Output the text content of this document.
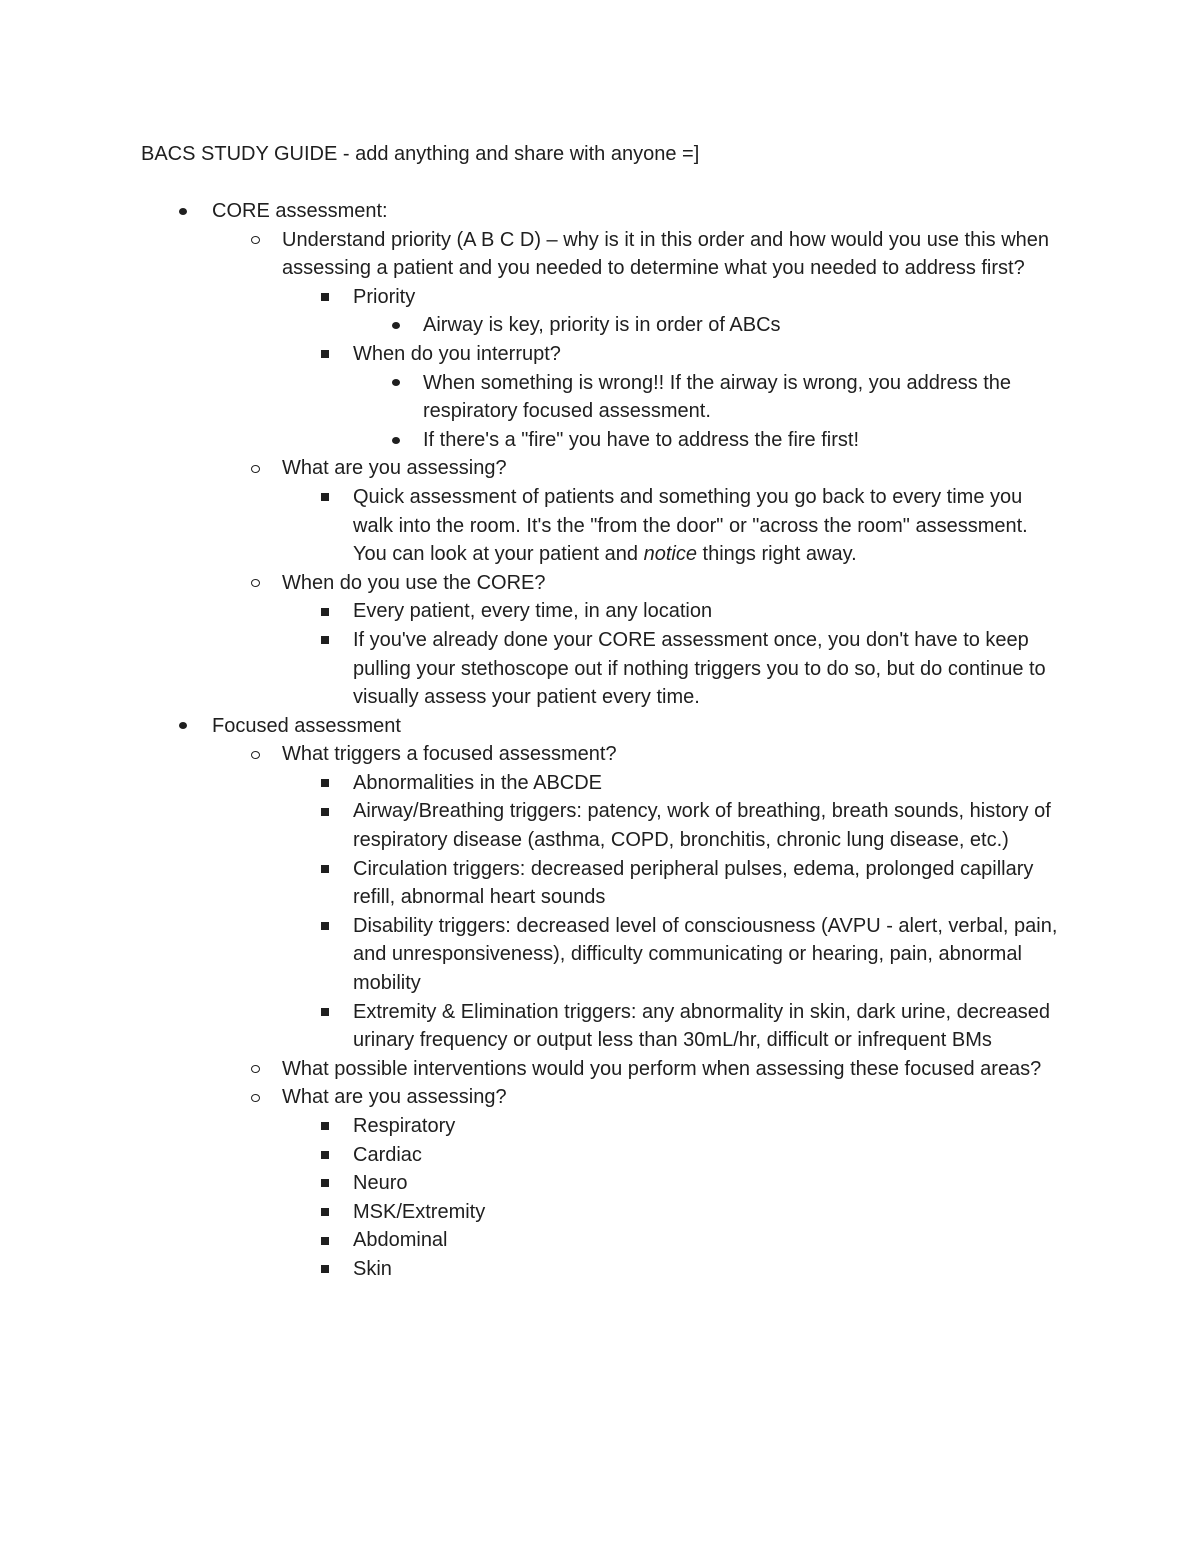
BACS STUDY GUIDE - add anything and share with anyone =]
CORE assessment:
Understand priority (A B C D) – why is it in this order and how would you use this when assessing a patient and you needed to determine what you needed to address first?
Priority
Airway is key, priority is in order of ABCs
When do you interrupt?
When something is wrong!! If the airway is wrong, you address the respiratory focused assessment.
If there's a "fire" you have to address the fire first!
What are you assessing?
Quick assessment of patients and something you go back to every time you walk into the room. It's the "from the door" or "across the room" assessment. You can look at your patient and notice things right away.
When do you use the CORE?
Every patient, every time, in any location
If you've already done your CORE assessment once, you don't have to keep pulling your stethoscope out if nothing triggers you to do so, but do continue to visually assess your patient every time.
Focused assessment
What triggers a focused assessment?
Abnormalities in the ABCDE
Airway/Breathing triggers: patency, work of breathing, breath sounds, history of respiratory disease (asthma, COPD, bronchitis, chronic lung disease, etc.)
Circulation triggers: decreased peripheral pulses, edema, prolonged capillary refill, abnormal heart sounds
Disability triggers: decreased level of consciousness (AVPU - alert, verbal, pain, and unresponsiveness), difficulty communicating or hearing, pain, abnormal mobility
Extremity & Elimination triggers: any abnormality in skin, dark urine, decreased urinary frequency or output less than 30mL/hr, difficult or infrequent BMs
What possible interventions would you perform when assessing these focused areas?
What are you assessing?
Respiratory
Cardiac
Neuro
MSK/Extremity
Abdominal
Skin
